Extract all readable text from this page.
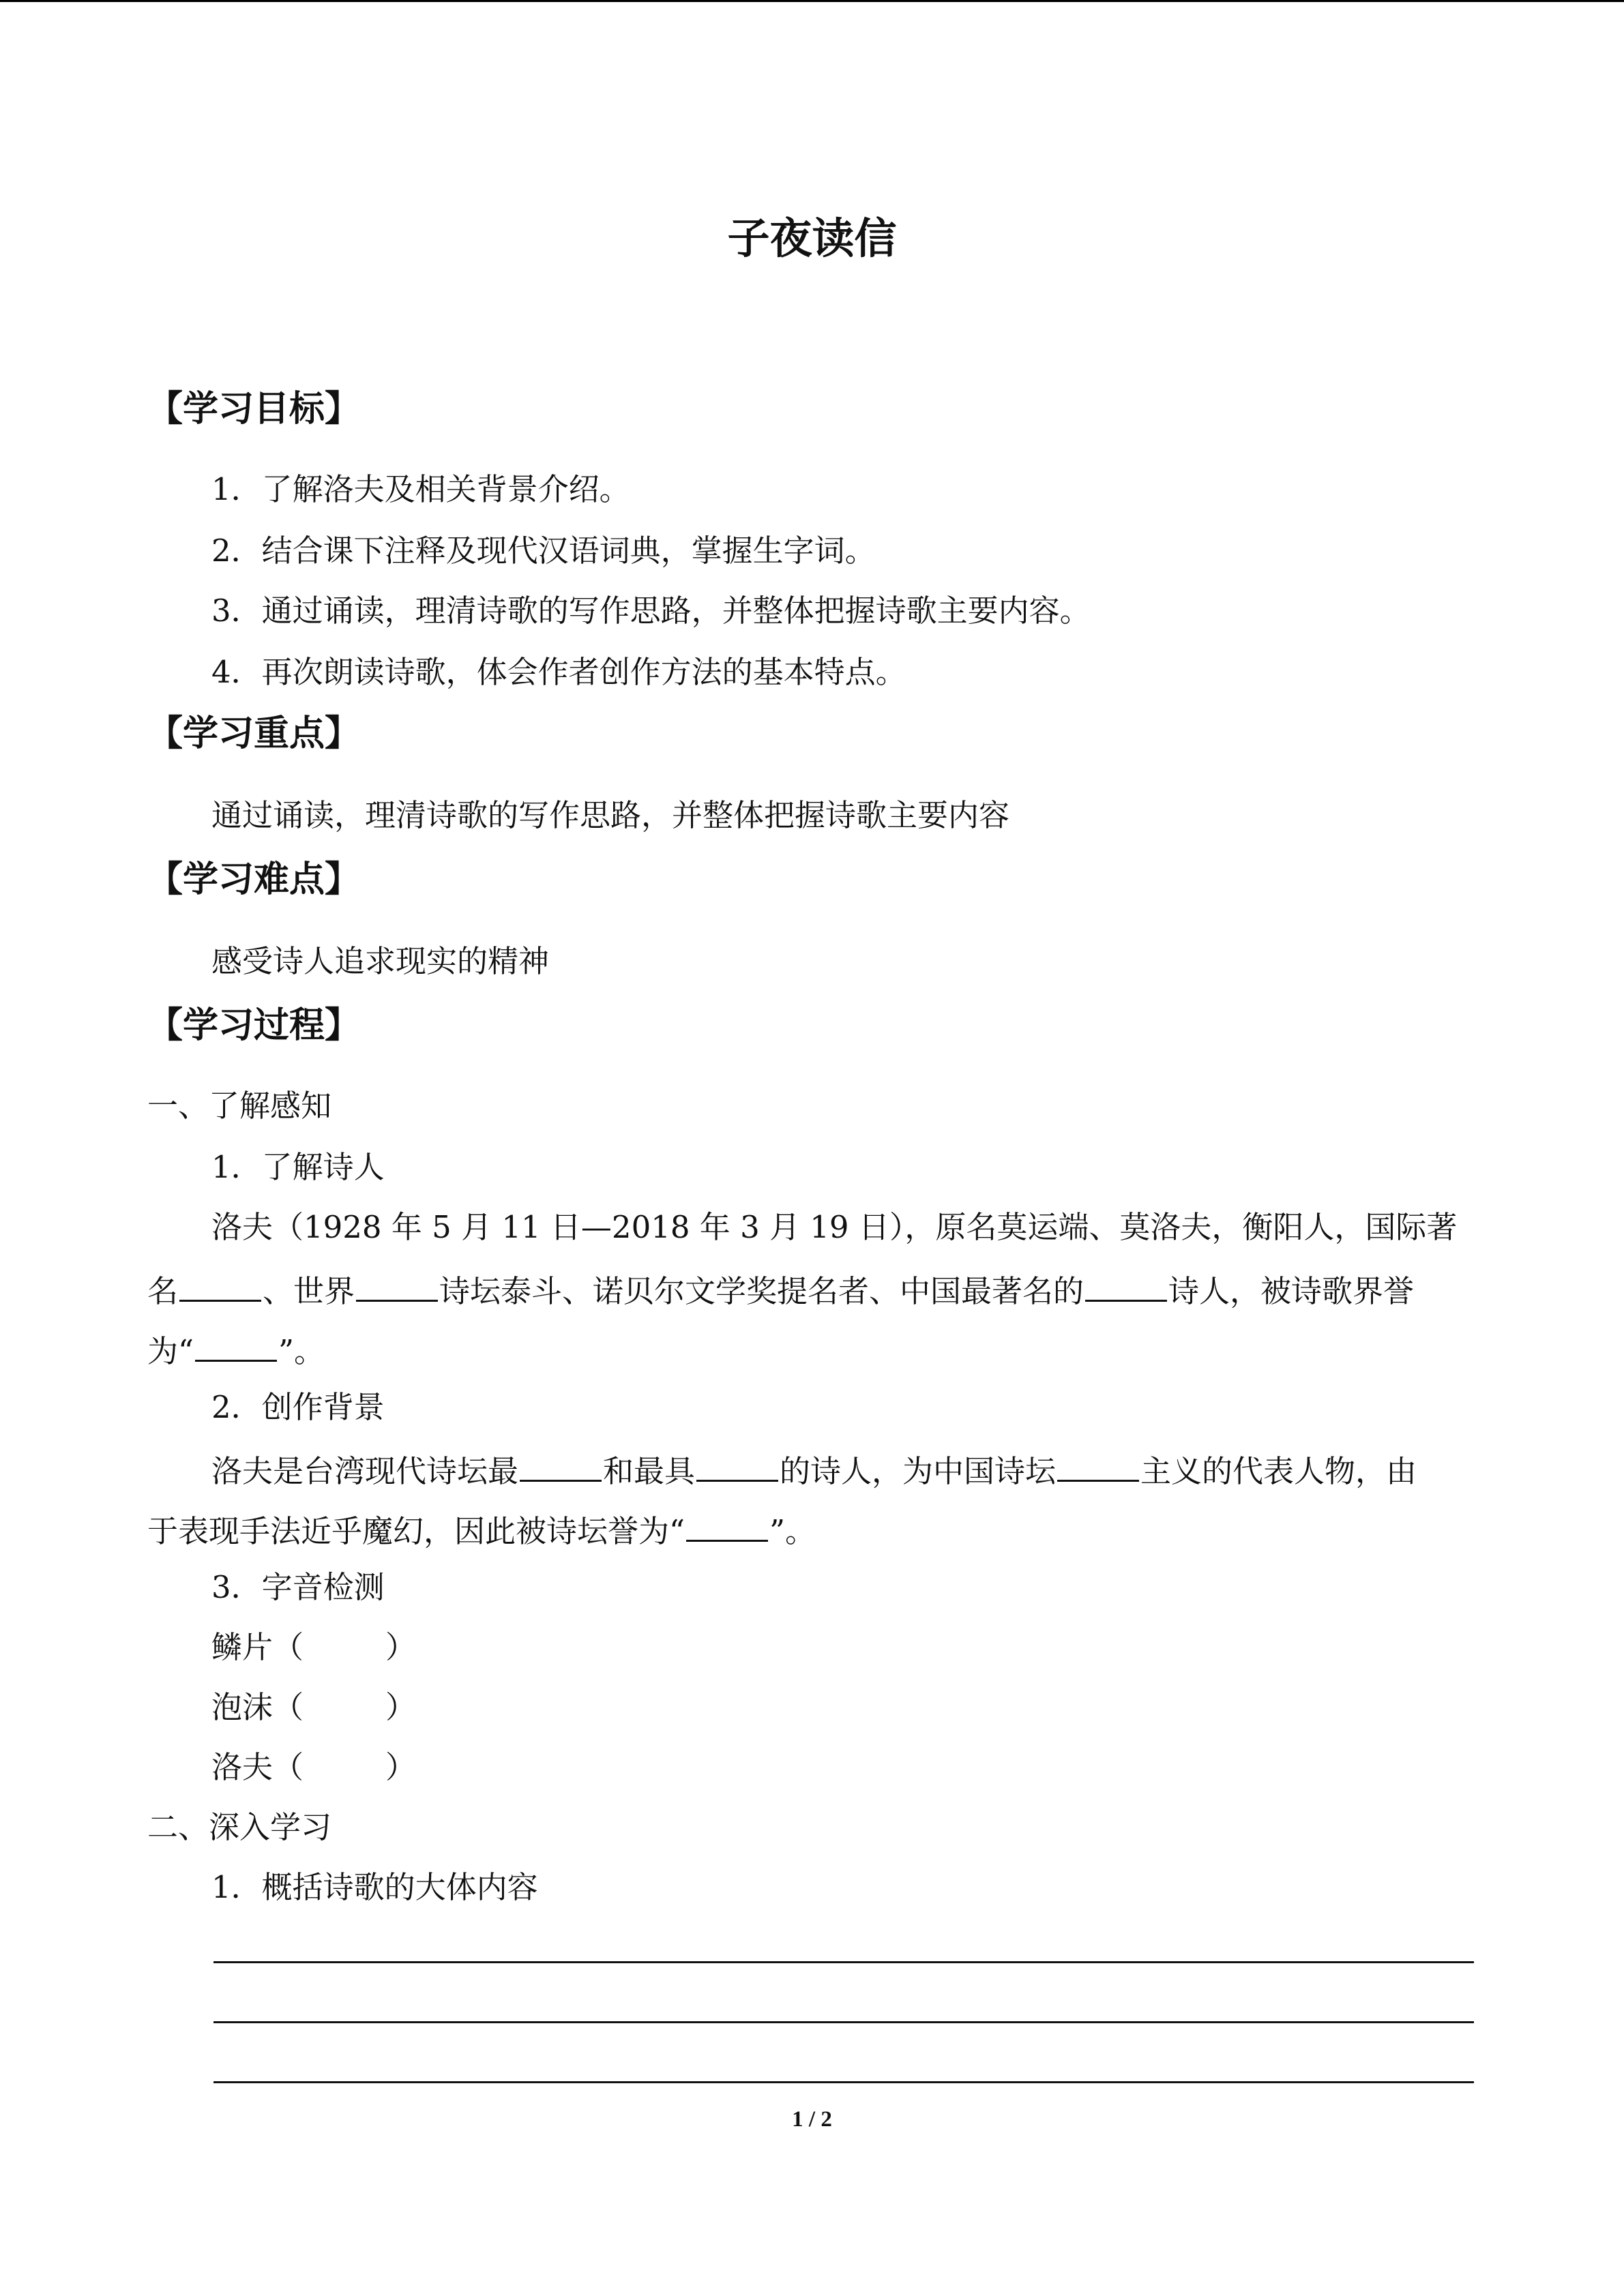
子夜读信
【学习目标】
1．了解洛夫及相关背景介绍。
2．结合课下注释及现代汉语词典，掌握生字词。
3．通过诵读，理清诗歌的写作思路，并整体把握诗歌主要内容。
4．再次朗读诗歌，体会作者创作方法的基本特点。
【学习重点】
通过诵读，理清诗歌的写作思路，并整体把握诗歌主要内容
【学习难点】
感受诗人追求现实的精神
【学习过程】
一、了解感知
1．了解诗人
洛夫（1928 年 5 月 11 日—2018 年 3 月 19 日），原名莫运端、莫洛夫，衡阳人，国际著
名	、世界	诗坛泰斗、诺贝尔文学奖提名者、中国最著名的	诗人，被诗歌界誉
为“	”。
2．创作背景
洛夫是台湾现代诗坛最	和最具	的诗人，为中国诗坛	主义的代表人物，由
于表现手法近乎魔幻，因此被诗坛誉为“	”。
3．字音检测
鳞片（	）
泡沫（	）
洛夫（	）
二、深入学习
1．概括诗歌的大体内容
1 / 2
